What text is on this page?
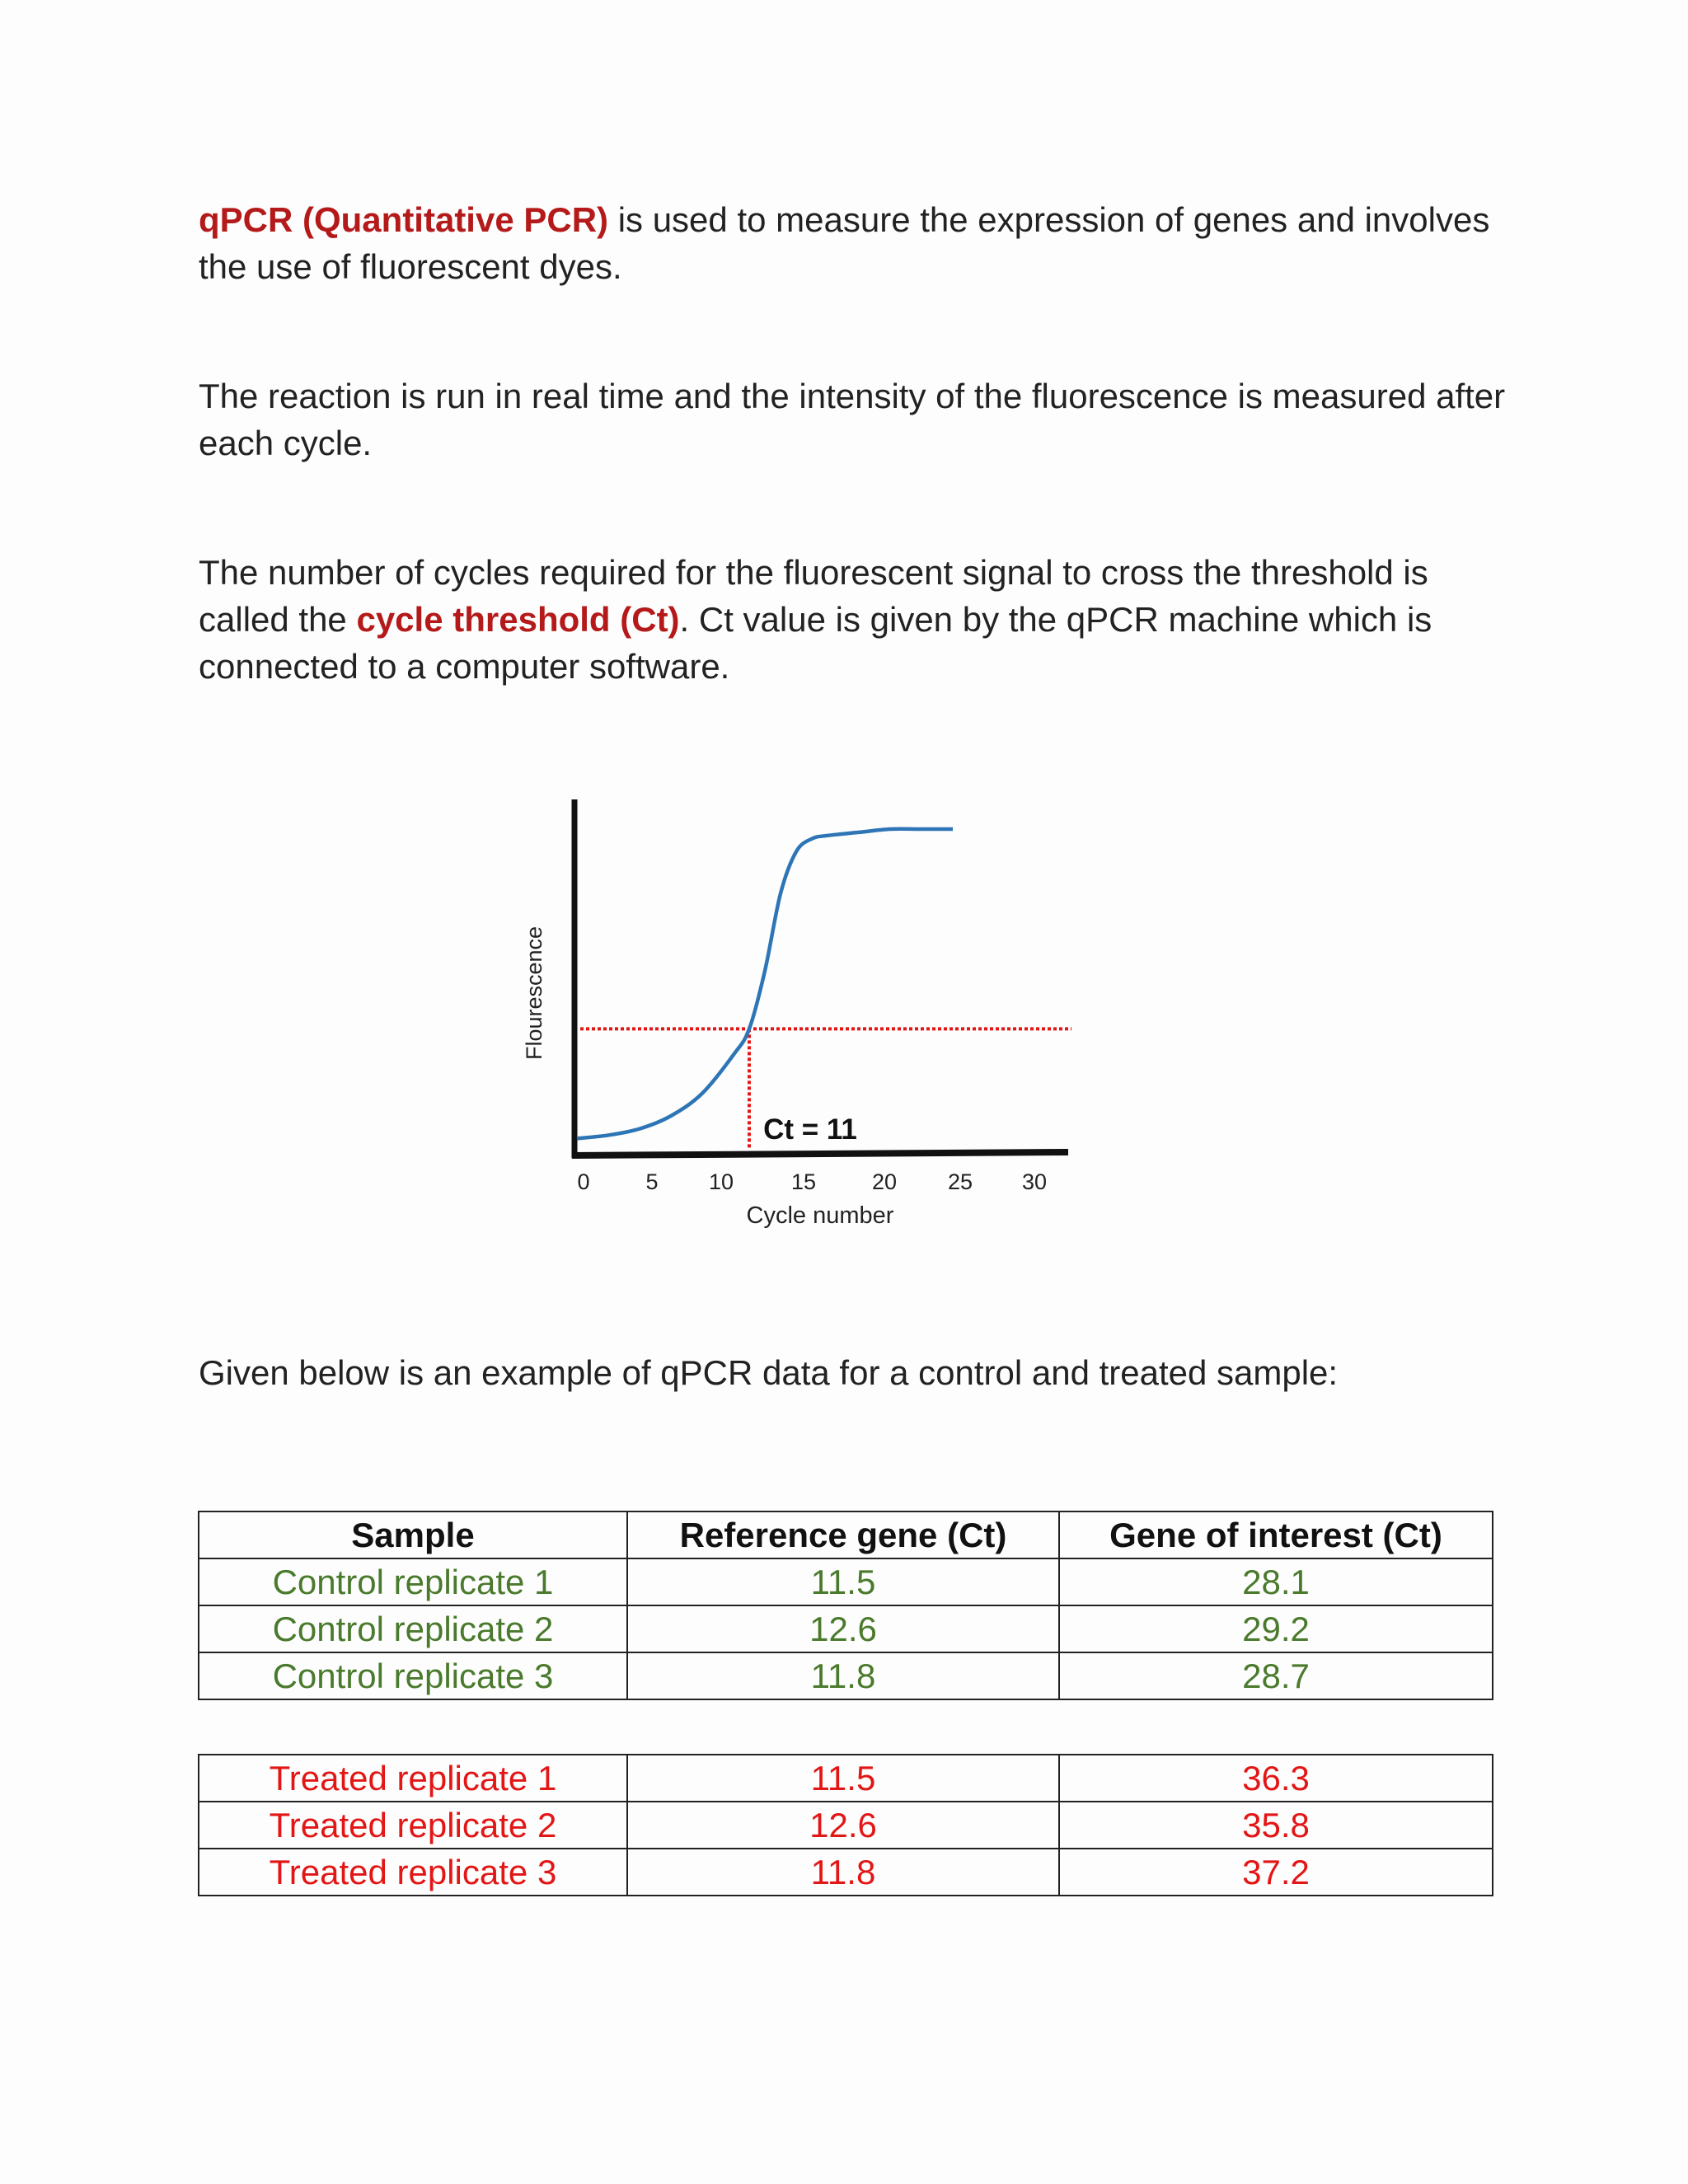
qPCR (Quantitative PCR) is used to measure the expression of genes and involves the use of fluorescent dyes.

The reaction is run in real time and the intensity of the fluorescence is measured after each cycle.

The number of cycles required for the fluorescent signal to cross the threshold is called the cycle threshold (Ct). Ct value is given by the qPCR machine which is connected to a computer software.

Ct = 11
0	5 10	15	20 25 30
Cycle number
Flourescence

Given below is an example of qPCR data for a control and treated sample:

Sample	Reference gene (Ct)	Gene of interest (Ct)
Control replicate 1	11.5	28.1
Control replicate 2	12.6	29.2
Control replicate 3	11.8	28.7
Treated replicate 1	11.5	36.3
Treated replicate 2	12.6	35.8
Treated replicate 3	11.8	37.2
